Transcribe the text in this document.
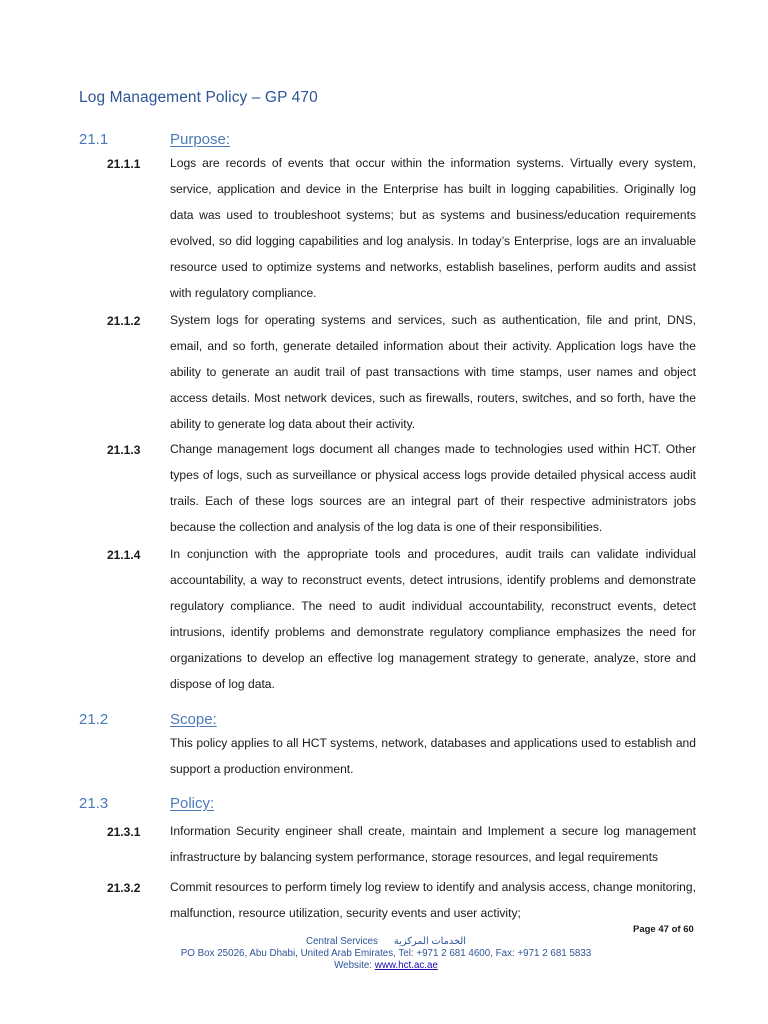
Log Management Policy – GP 470
21.1	Purpose:
21.1.1 Logs are records of events that occur within the information systems. Virtually every system, service, application and device in the Enterprise has built in logging capabilities. Originally log data was used to troubleshoot systems; but as systems and business/education requirements evolved, so did logging capabilities and log analysis. In today’s Enterprise, logs are an invaluable resource used to optimize systems and networks, establish baselines, perform audits and assist with regulatory compliance.
21.1.2 System logs for operating systems and services, such as authentication, file and print, DNS, email, and so forth, generate detailed information about their activity. Application logs have the ability to generate an audit trail of past transactions with time stamps, user names and object access details. Most network devices, such as firewalls, routers, switches, and so forth, have the ability to generate log data about their activity.
21.1.3 Change management logs document all changes made to technologies used within HCT. Other types of logs, such as surveillance or physical access logs provide detailed physical access audit trails. Each of these logs sources are an integral part of their respective administrators jobs because the collection and analysis of the log data is one of their responsibilities.
21.1.4 In conjunction with the appropriate tools and procedures, audit trails can validate individual accountability, a way to reconstruct events, detect intrusions, identify problems and demonstrate regulatory compliance. The need to audit individual accountability, reconstruct events, detect intrusions, identify problems and demonstrate regulatory compliance emphasizes the need for organizations to develop an effective log management strategy to generate, analyze, store and dispose of log data.
21.2	Scope:
This policy applies to all HCT systems, network, databases and applications used to establish and support a production environment.
21.3	Policy:
21.3.1 Information Security engineer shall create, maintain and Implement a secure log management infrastructure by balancing system performance, storage resources, and legal requirements
21.3.2 Commit resources to perform timely log review to identify and analysis access, change monitoring, malfunction, resource utilization, security events and user activity;
Page 47 of 60
Central Services الخدمات المركزية
PO Box 25026, Abu Dhabi, United Arab Emirates, Tel: +971 2 681 4600, Fax: +971 2 681 5833
Website: www.hct.ac.ae
